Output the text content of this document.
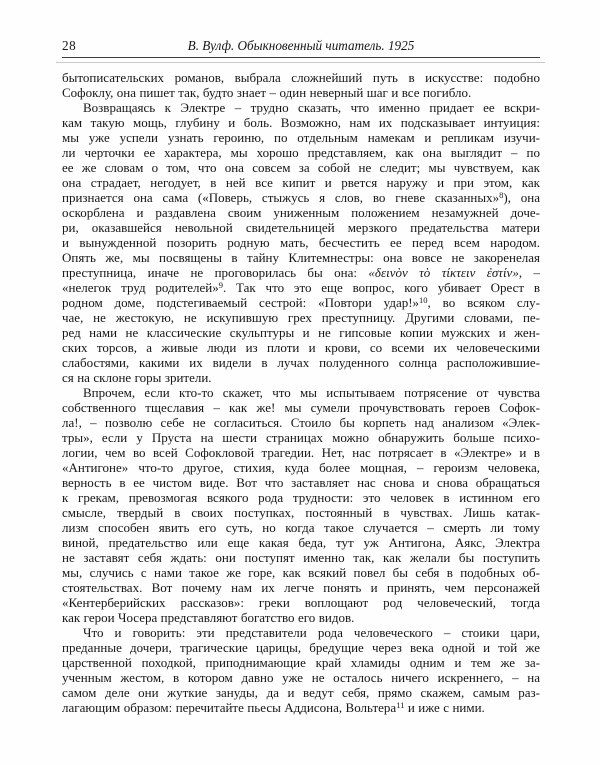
28	В. Вулф. Обыкновенный читатель. 1925
бытописательских романов, выбрала сложнейший путь в искусстве: подобно
Софоклу, она пишет так, будто знает – один неверный шаг и все погибло.
Возвращаясь к Электре – трудно сказать, что именно придает ее вскри-
кам такую мощь, глубину и боль. Возможно, нам их подсказывает интуиция:
мы уже успели узнать героиню, по отдельным намекам и репликам изучи-
ли черточки ее характера, мы хорошо представляем, как она выглядит – по
ее же словам о том, что она совсем за собой не следит; мы чувствуем, как
она страдает, негодует, в ней все кипит и рвется наружу и при этом, как
признается она сама («Поверь, стыжусь я слов, во гневе сказанных»$^8$), она
оскорблена и раздавлена своим униженным положением незамужней доче-
ри, оказавшейся невольной свидетельницей мерзкого предательства матери
и вынужденной позорить родную мать, бесчестить ее перед всем народом.
Опять же, мы посвящены в тайну Клитемнестры: она вовсе не закоренелая
преступница, иначе не проговорилась бы она: «δεινὸν τὸ τίκτειν ἐστίν», –
«нелегок труд родителей»$^9$. Так что это еще вопрос, кого убивает Орест в
родном доме, подстегиваемый сестрой: «Повтори удар!»$^{10}$, во всяком слу-
чае, не жестокую, не искупившую грех преступницу. Другими словами, пе-
ред нами не классические скульптуры и не гипсовые копии мужских и жен-
ских торсов, а живые люди из плоти и крови, со всеми их человеческими
слабостями, какими их видели в лучах полуденного солнца расположившие-
ся на склоне горы зрители.
Впрочем, если кто-то скажет, что мы испытываем потрясение от чувства
собственного тщеславия – как же! мы сумели прочувствовать героев Софок-
ла!, – позволю себе не согласиться. Стоило бы корпеть над анализом «Элек-
тры», если у Пруста на шести страницах можно обнаружить больше психо-
логии, чем во всей Софокловой трагедии. Нет, нас потрясает в «Электре» и в
«Антигоне» что-то другое, стихия, куда более мощная, – героизм человека,
верность в ее чистом виде. Вот что заставляет нас снова и снова обращаться
к грекам, превозмогая всякого рода трудности: это человек в истинном его
смысле, твердый в своих поступках, постоянный в чувствах. Лишь катак-
лизм способен явить его суть, но когда такое случается – смерть ли тому
виной, предательство или еще какая беда, тут уж Антигона, Аякс, Электра
не заставят себя ждать: они поступят именно так, как желали бы поступить
мы, случись с нами такое же горе, как всякий повел бы себя в подобных об-
стоятельствах. Вот почему нам их легче понять и принять, чем персонажей
«Кентерберийских рассказов»: греки воплощают род человеческий, тогда
как герои Чосера представляют богатство его видов.
Что и говорить: эти представители рода человеческого – стоики цари,
преданные дочери, трагические царицы, бредущие через века одной и той же
царственной походкой, приподнимающие край хламиды одним и тем же за-
ученным жестом, в котором давно уже не осталось ничего искреннего, – на
самом деле они жуткие зануды, да и ведут себя, прямо скажем, самым раз-
лагающим образом: перечитайте пьесы Аддисона, Вольтера$^{11}$ и иже с ними.
